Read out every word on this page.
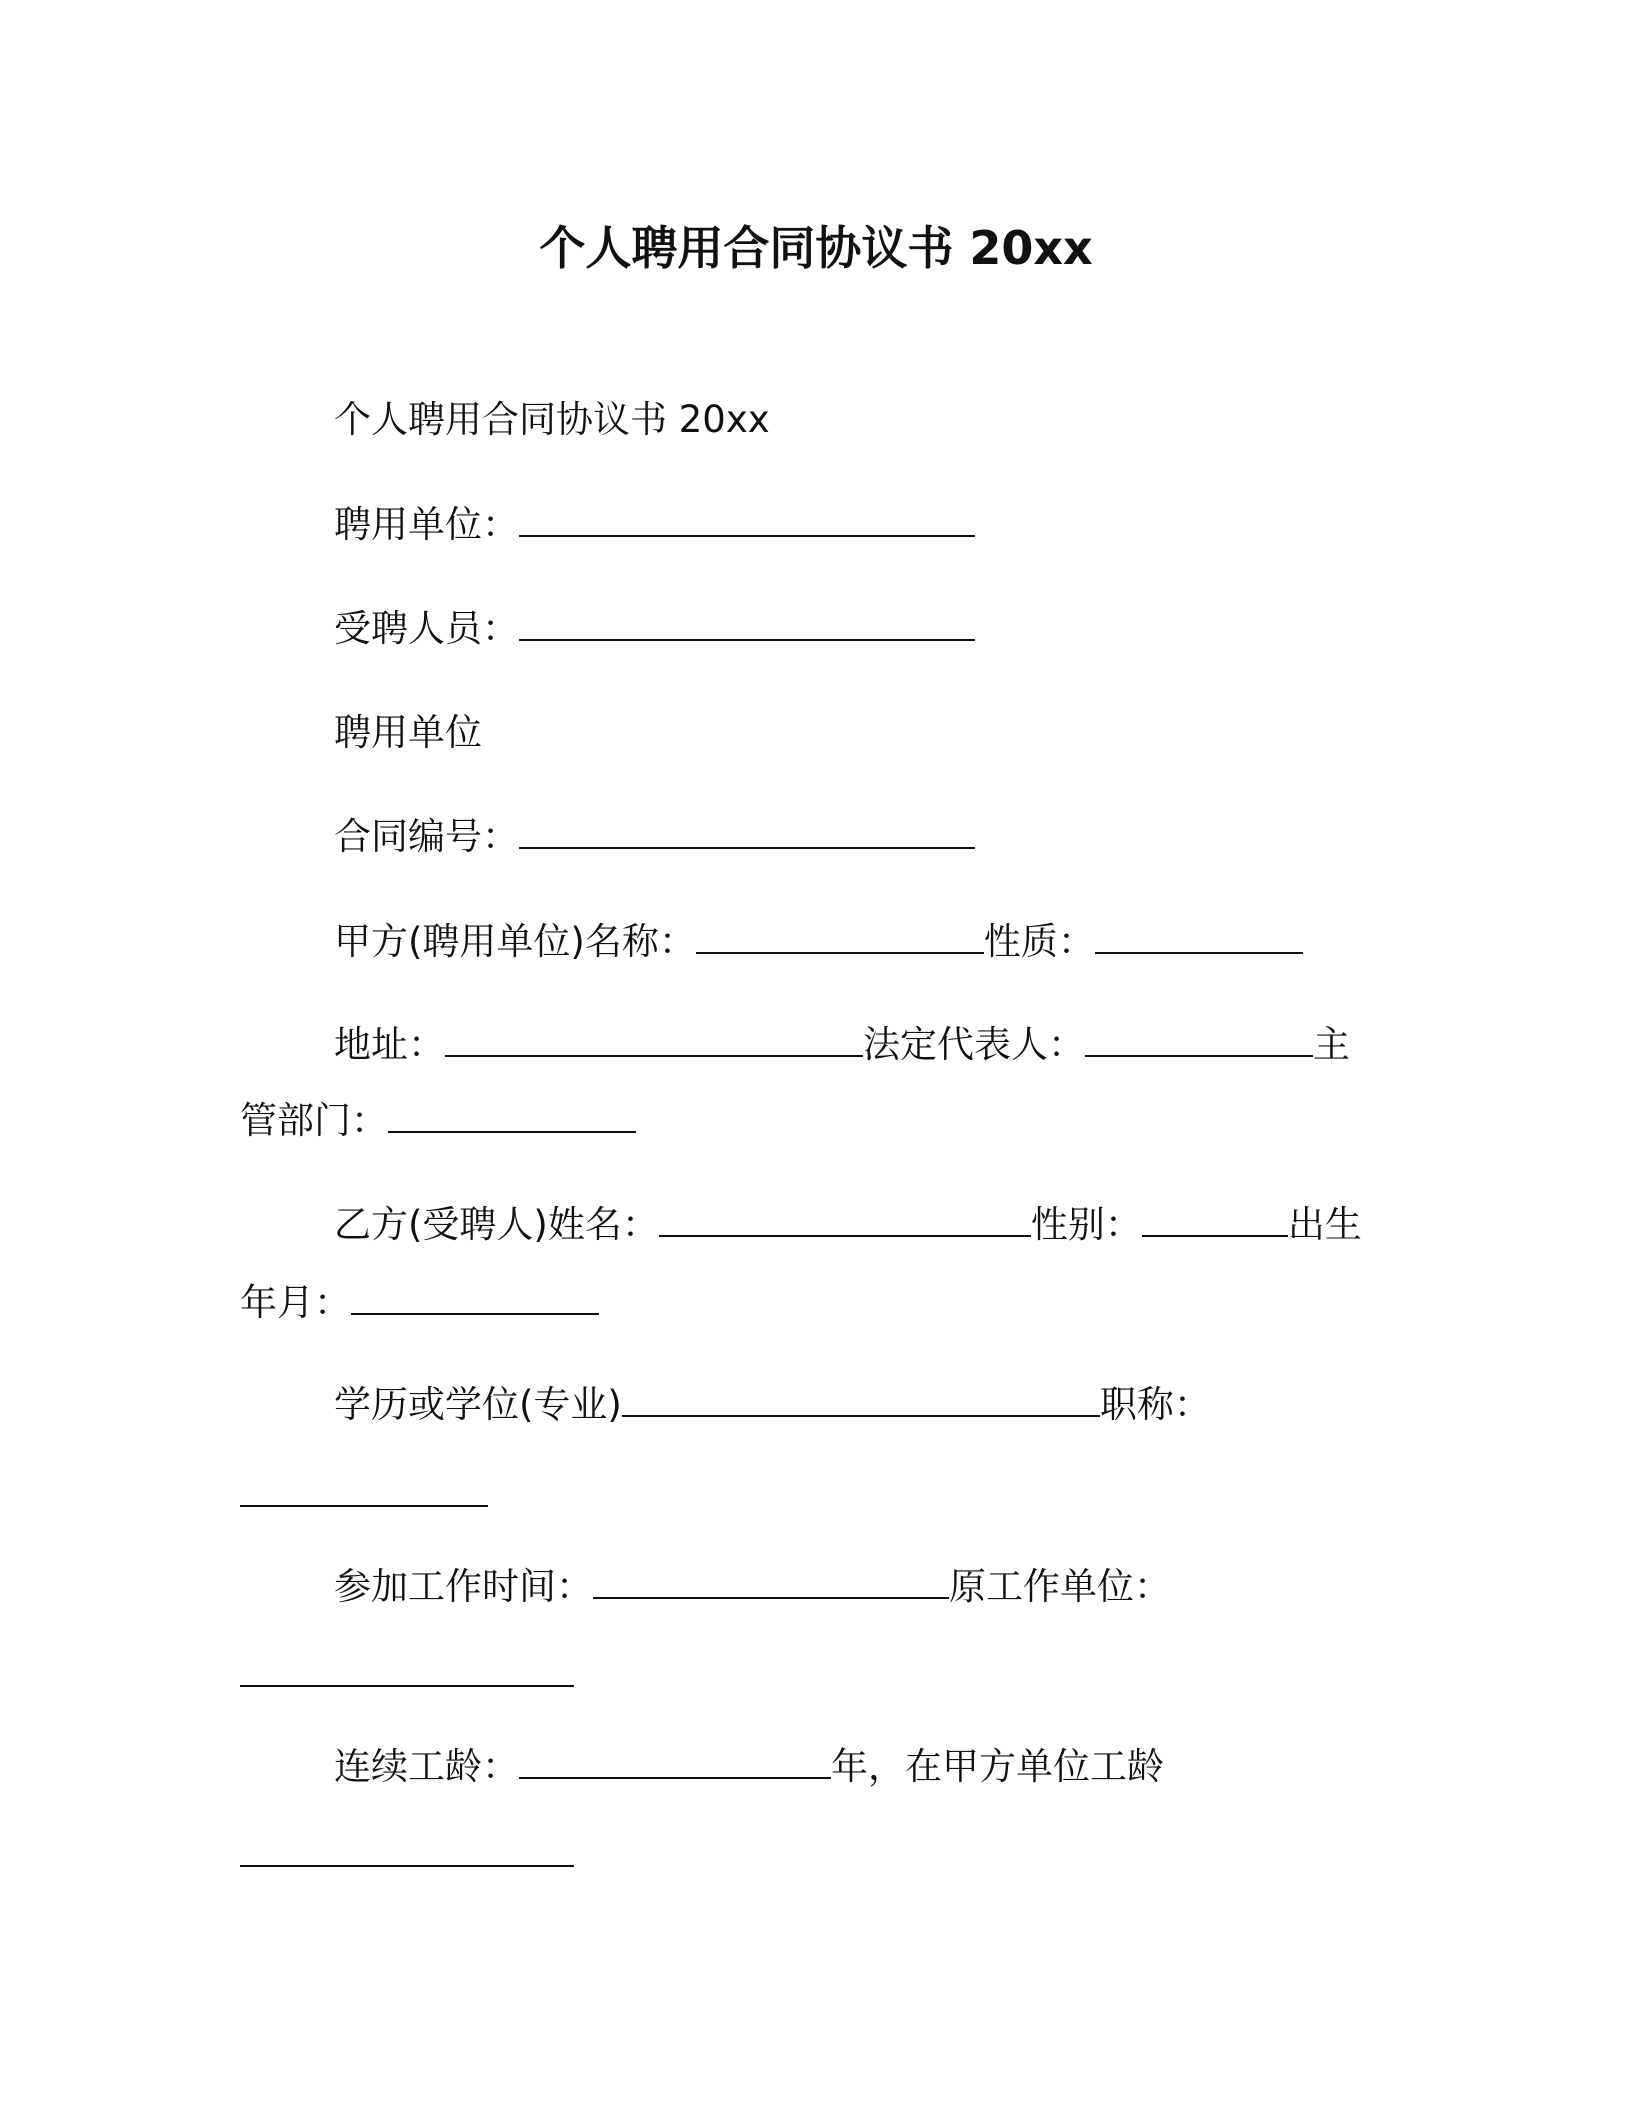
个人聘用合同协议书 20xx
个人聘用合同协议书 20xx
聘用单位：
受聘人员：
聘用单位
合同编号：
甲方(聘用单位)名称：	性质：
地址：	法定代表人：	主
管部门：
乙方(受聘人)姓名：	性别：	出生
年月：
学历或学位(专业)	职称：
参加工作时间：	原工作单位：
连续工龄：	年，在甲方单位工龄
